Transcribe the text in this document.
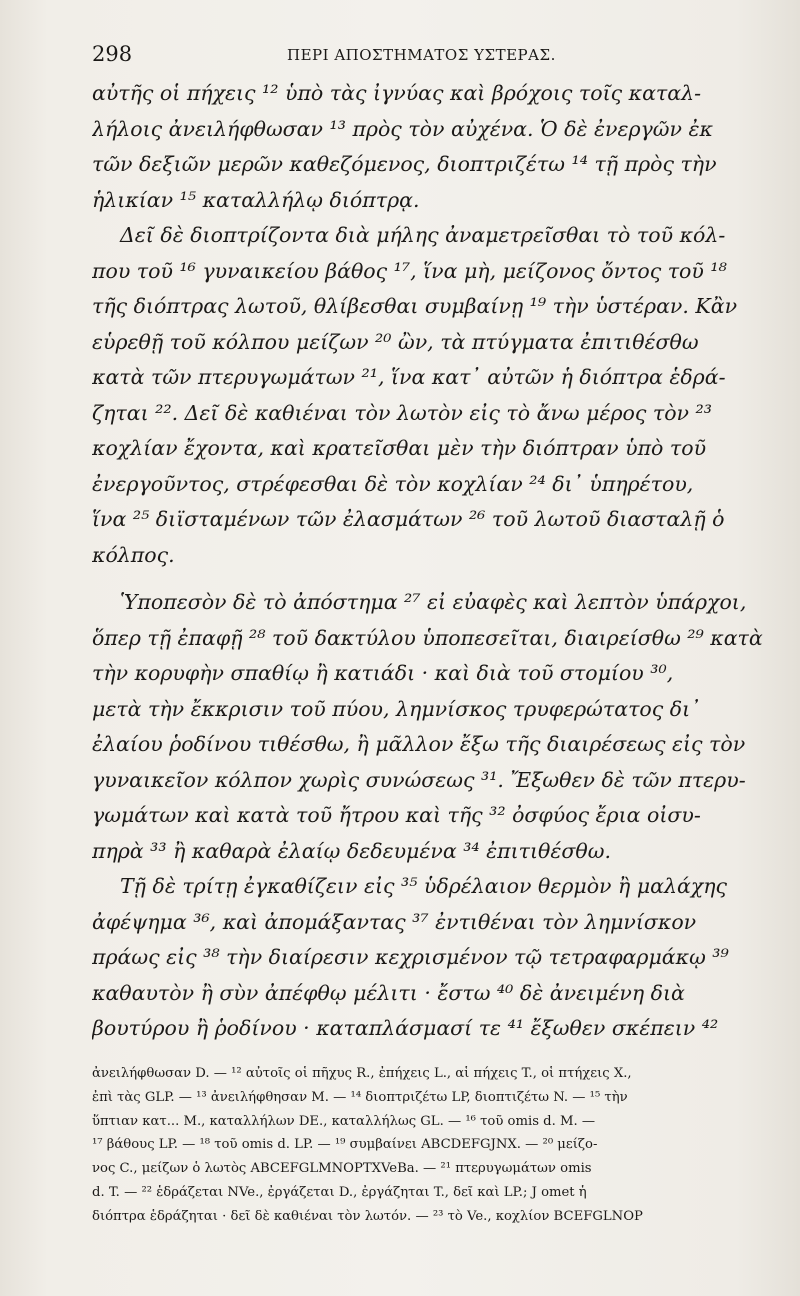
298	ΠΕΡΙ ΑΠΟΣΤΗΜΑΤΟΣ ΥΣΤΕΡΑΣ.
αὐτῆς οἱ πήχεις ¹² ὑπὸ τὰς ἰγνύας καὶ βρόχοις τοῖς καταλ-
λήλοις ἀνειλήφθωσαν ¹³ πρὸς τὸν αὐχένα. Ὁ δὲ ἐνεργῶν ἐκ
τῶν δεξιῶν μερῶν καθεζόμενος, διοπτριζέτω ¹⁴ τῇ πρὸς τὴν
ἡλικίαν ¹⁵ καταλλήλῳ διόπτρᾳ.
Δεῖ δὲ διοπτρίζοντα διὰ μήλης ἀναμετρεῖσθαι τὸ τοῦ κόλ-
που τοῦ ¹⁶ γυναικείου βάθος ¹⁷, ἵνα μὴ, μείζονος ὄντος τοῦ ¹⁸
τῆς διόπτρας λωτοῦ, θλίβεσθαι συμβαίνῃ ¹⁹ τὴν ὑστέραν. Κἂν
εὑρεθῇ τοῦ κόλπου μείζων ²⁰ ὢν, τὰ πτύγματα ἐπιτιθέσθω
κατὰ τῶν πτερυγωμάτων ²¹, ἵνα κατ᾽ αὐτῶν ἡ διόπτρα ἑδρά-
ζηται ²². Δεῖ δὲ καθιέναι τὸν λωτὸν εἰς τὸ ἄνω μέρος τὸν ²³
κοχλίαν ἔχοντα, καὶ κρατεῖσθαι μὲν τὴν διόπτραν ὑπὸ τοῦ
ἐνεργοῦντος, στρέφεσθαι δὲ τὸν κοχλίαν ²⁴ δι᾽ ὑπηρέτου,
ἵνα ²⁵ διϊσταμένων τῶν ἐλασμάτων ²⁶ τοῦ λωτοῦ διασταλῇ ὁ
κόλπος.
Ὑποπεσὸν δὲ τὸ ἀπόστημα ²⁷ εἰ εὐαφὲς καὶ λεπτὸν ὑπάρχοι,
ὅπερ τῇ ἐπαφῇ ²⁸ τοῦ δακτύλου ὑποπεσεῖται, διαιρείσθω ²⁹ κατὰ
τὴν κορυφὴν σπαθίῳ ἢ κατιάδι · καὶ διὰ τοῦ στομίου ³⁰,
μετὰ τὴν ἔκκρισιν τοῦ πύου, λημνίσκος τρυφερώτατος δι᾽
ἐλαίου ῥοδίνου τιθέσθω, ἢ μᾶλλον ἔξω τῆς διαιρέσεως εἰς τὸν
γυναικεῖον κόλπον χωρὶς συνώσεως ³¹. Ἔξωθεν δὲ τῶν πτερυ-
γωμάτων καὶ κατὰ τοῦ ἤτρου καὶ τῆς ³² ὀσφύος ἔρια οἰσυ-
πηρὰ ³³ ἢ καθαρὰ ἐλαίῳ δεδευμένα ³⁴ ἐπιτιθέσθω.
Τῇ δὲ τρίτῃ ἐγκαθίζειν εἰς ³⁵ ὑδρέλαιον θερμὸν ἢ μαλάχης
ἀφέψημα ³⁶, καὶ ἀπομάξαντας ³⁷ ἐντιθέναι τὸν λημνίσκον
πράως εἰς ³⁸ τὴν διαίρεσιν κεχρισμένον τῷ τετραφαρμάκῳ ³⁹
καθαυτὸν ἢ σὺν ἀπέφθῳ μέλιτι · ἔστω ⁴⁰ δὲ ἀνειμένη διὰ
βουτύρου ἢ ῥοδίνου · καταπλάσμασί τε ⁴¹ ἔξωθεν σκέπειν ⁴²
ἀνειλήφθωσαν D. — ¹² αὐτοῖς οἱ πῆχυς R., ἐπήχεις L., αἱ πήχεις T., οἱ πτήχεις X.,
ἐπὶ τὰς GLP. — ¹³ ἀνειλήφθησαν M. — ¹⁴ διοπτριζέτω LP, διοπτιζέτω N. — ¹⁵ τὴν
ὕπτιαν κατ... M., καταλλήλων DE., καταλλήλως GL. — ¹⁶ τοῦ omis d. M. —
¹⁷ βάθους LP. — ¹⁸ τοῦ omis d. LP. — ¹⁹ συμβαίνει ABCDEFGJNX. — ²⁰ μείζο-
νος C., μείζων ὁ λωτὸς ABCEFGLMNOPTXVeBa. — ²¹ πτερυγωμάτων omis
d. T. — ²² ἑδράζεται NVe., ἐργάζεται D., ἐργάζηται T., δεῖ καὶ LP.; J omet ἡ
διόπτρα ἑδράζηται · δεῖ δὲ καθιέναι τὸν λωτόν. — ²³ τὸ Ve., κοχλίον BCEFGLNOP
